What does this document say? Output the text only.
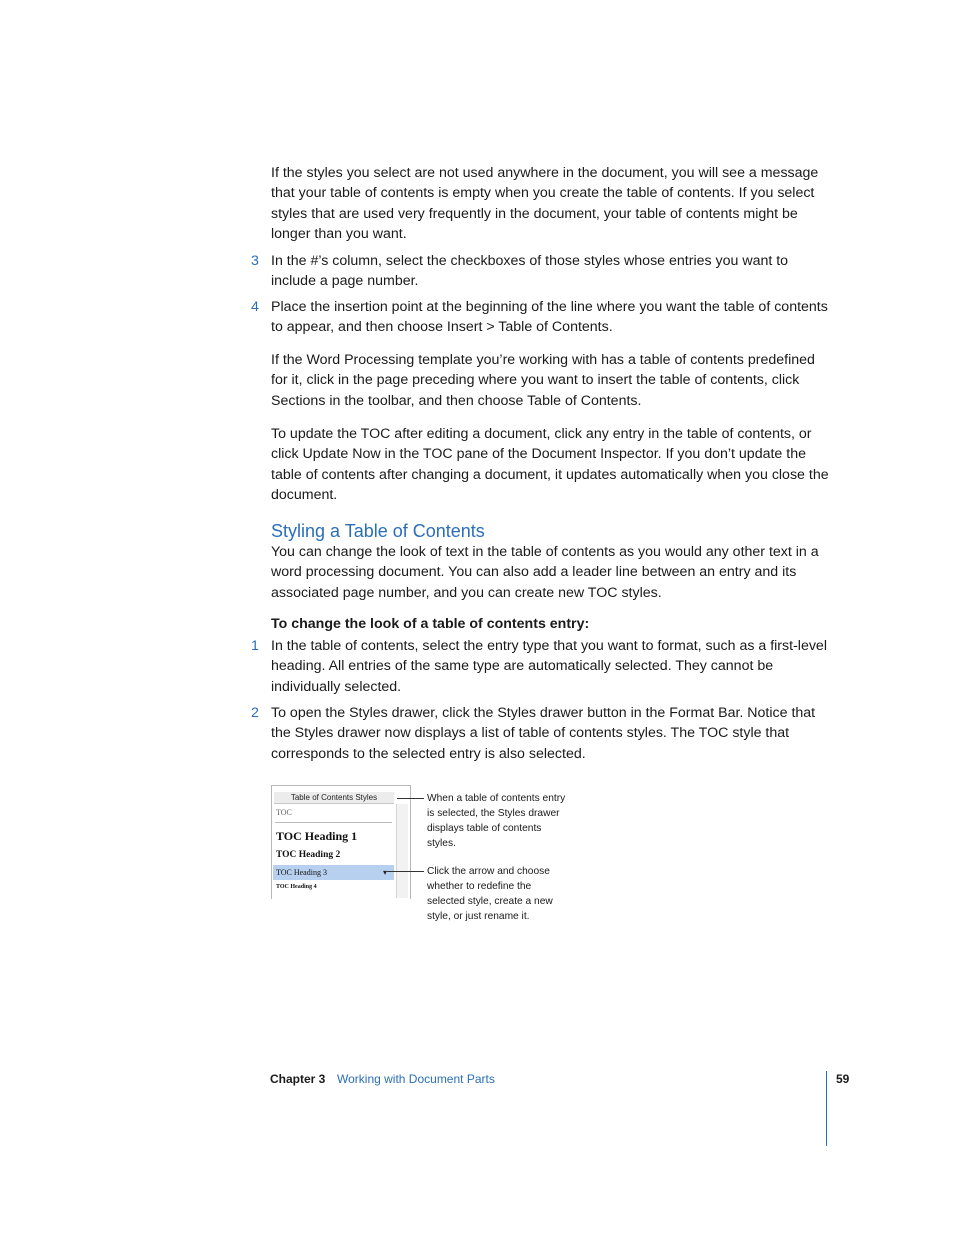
If the styles you select are not used anywhere in the document, you will see a message that your table of contents is empty when you create the table of contents. If you select styles that are used very frequently in the document, your table of contents might be longer than you want.
3 In the #’s column, select the checkboxes of those styles whose entries you want to include a page number.
4 Place the insertion point at the beginning of the line where you want the table of contents to appear, and then choose Insert > Table of Contents.
If the Word Processing template you’re working with has a table of contents predefined for it, click in the page preceding where you want to insert the table of contents, click Sections in the toolbar, and then choose Table of Contents.
To update the TOC after editing a document, click any entry in the table of contents, or click Update Now in the TOC pane of the Document Inspector. If you don’t update the table of contents after changing a document, it updates automatically when you close the document.
Styling a Table of Contents
You can change the look of text in the table of contents as you would any other text in a word processing document. You can also add a leader line between an entry and its associated page number, and you can create new TOC styles.
To change the look of a table of contents entry:
1 In the table of contents, select the entry type that you want to format, such as a first-level heading. All entries of the same type are automatically selected. They cannot be individually selected.
2 To open the Styles drawer, click the Styles drawer button in the Format Bar. Notice that the Styles drawer now displays a list of table of contents styles. The TOC style that corresponds to the selected entry is also selected.
Table of Contents Styles
TOC
TOC Heading 1
TOC Heading 2
TOC Heading 3	▾
TOC Heading 4
When a table of contents entry is selected, the Styles drawer displays table of contents styles.
Click the arrow and choose whether to redefine the selected style, create a new style, or just rename it.
Chapter 3 Working with Document Parts	59
